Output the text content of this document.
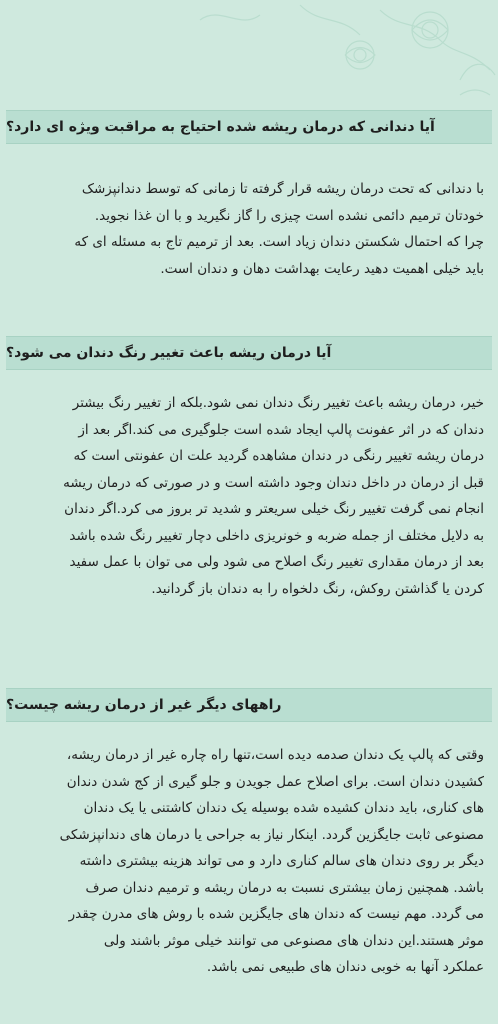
آیا دندانی که درمان ریشه شده احتیاج به مراقبت ویژه ای دارد؟
با دندانی که تحت درمان ریشه قرار گرفته تا زمانی که توسط دندانپزشک
خودتان ترمیم دائمی نشده است چیزی را گاز نگیرید و با ان غذا نجوید.
چرا که احتمال شکستن دندان زیاد است. بعد از ترمیم تاج به مسئله ای که
باید خیلی اهمیت دهید رعایت بهداشت دهان و دندان است.
آیا درمان ریشه باعث تغییر رنگ دندان می شود؟
خیر، درمان ریشه باعث تغییر رنگ دندان نمی شود.بلکه از تغییر رنگ بیشتر
دندان که در اثر عفونت پالپ ایجاد شده است جلوگیری می کند.اگر بعد از
درمان ریشه تغییر رنگی در دندان مشاهده گردید علت ان عفونتی است که
قبل از درمان در داخل دندان وجود داشته است و در صورتی که درمان ریشه
انجام نمی گرفت تغییر رنگ خیلی سریعتر و شدید تر بروز می کرد.اگر دندان
به دلایل مختلف از جمله ضربه و خونریزی داخلی دچار تغییر رنگ شده باشد
بعد از درمان مقداری تغییر رنگ اصلاح می شود ولی می توان با عمل سفید
کردن یا گذاشتن روکش، رنگ دلخواه را به دندان باز گردانید.
راههای دیگر غیر از درمان ریشه چیست؟
وقتی که پالپ یک دندان صدمه دیده است،تنها راه چاره غیر از درمان ریشه،
کشیدن دندان است. برای اصلاح عمل جویدن و جلو گیری از کج شدن دندان
های کناری، باید دندان کشیده شده بوسیله یک دندان کاشتنی یا یک دندان
مصنوعی ثابت جایگزین گردد. اینکار نیاز به جراحی یا درمان های دندانپزشکی
دیگر بر روی دندان های سالم کناری دارد و می تواند هزینه بیشتری داشته
باشد. همچنین زمان بیشتری نسبت به درمان ریشه و ترمیم دندان صرف
می گردد. مهم نیست که دندان های جایگزین شده با روش های مدرن چقدر
موثر هستند.این دندان های مصنوعی می توانند خیلی موثر باشند ولی
عملکرد آنها به خوبی دندان های طبیعی نمی باشد.
